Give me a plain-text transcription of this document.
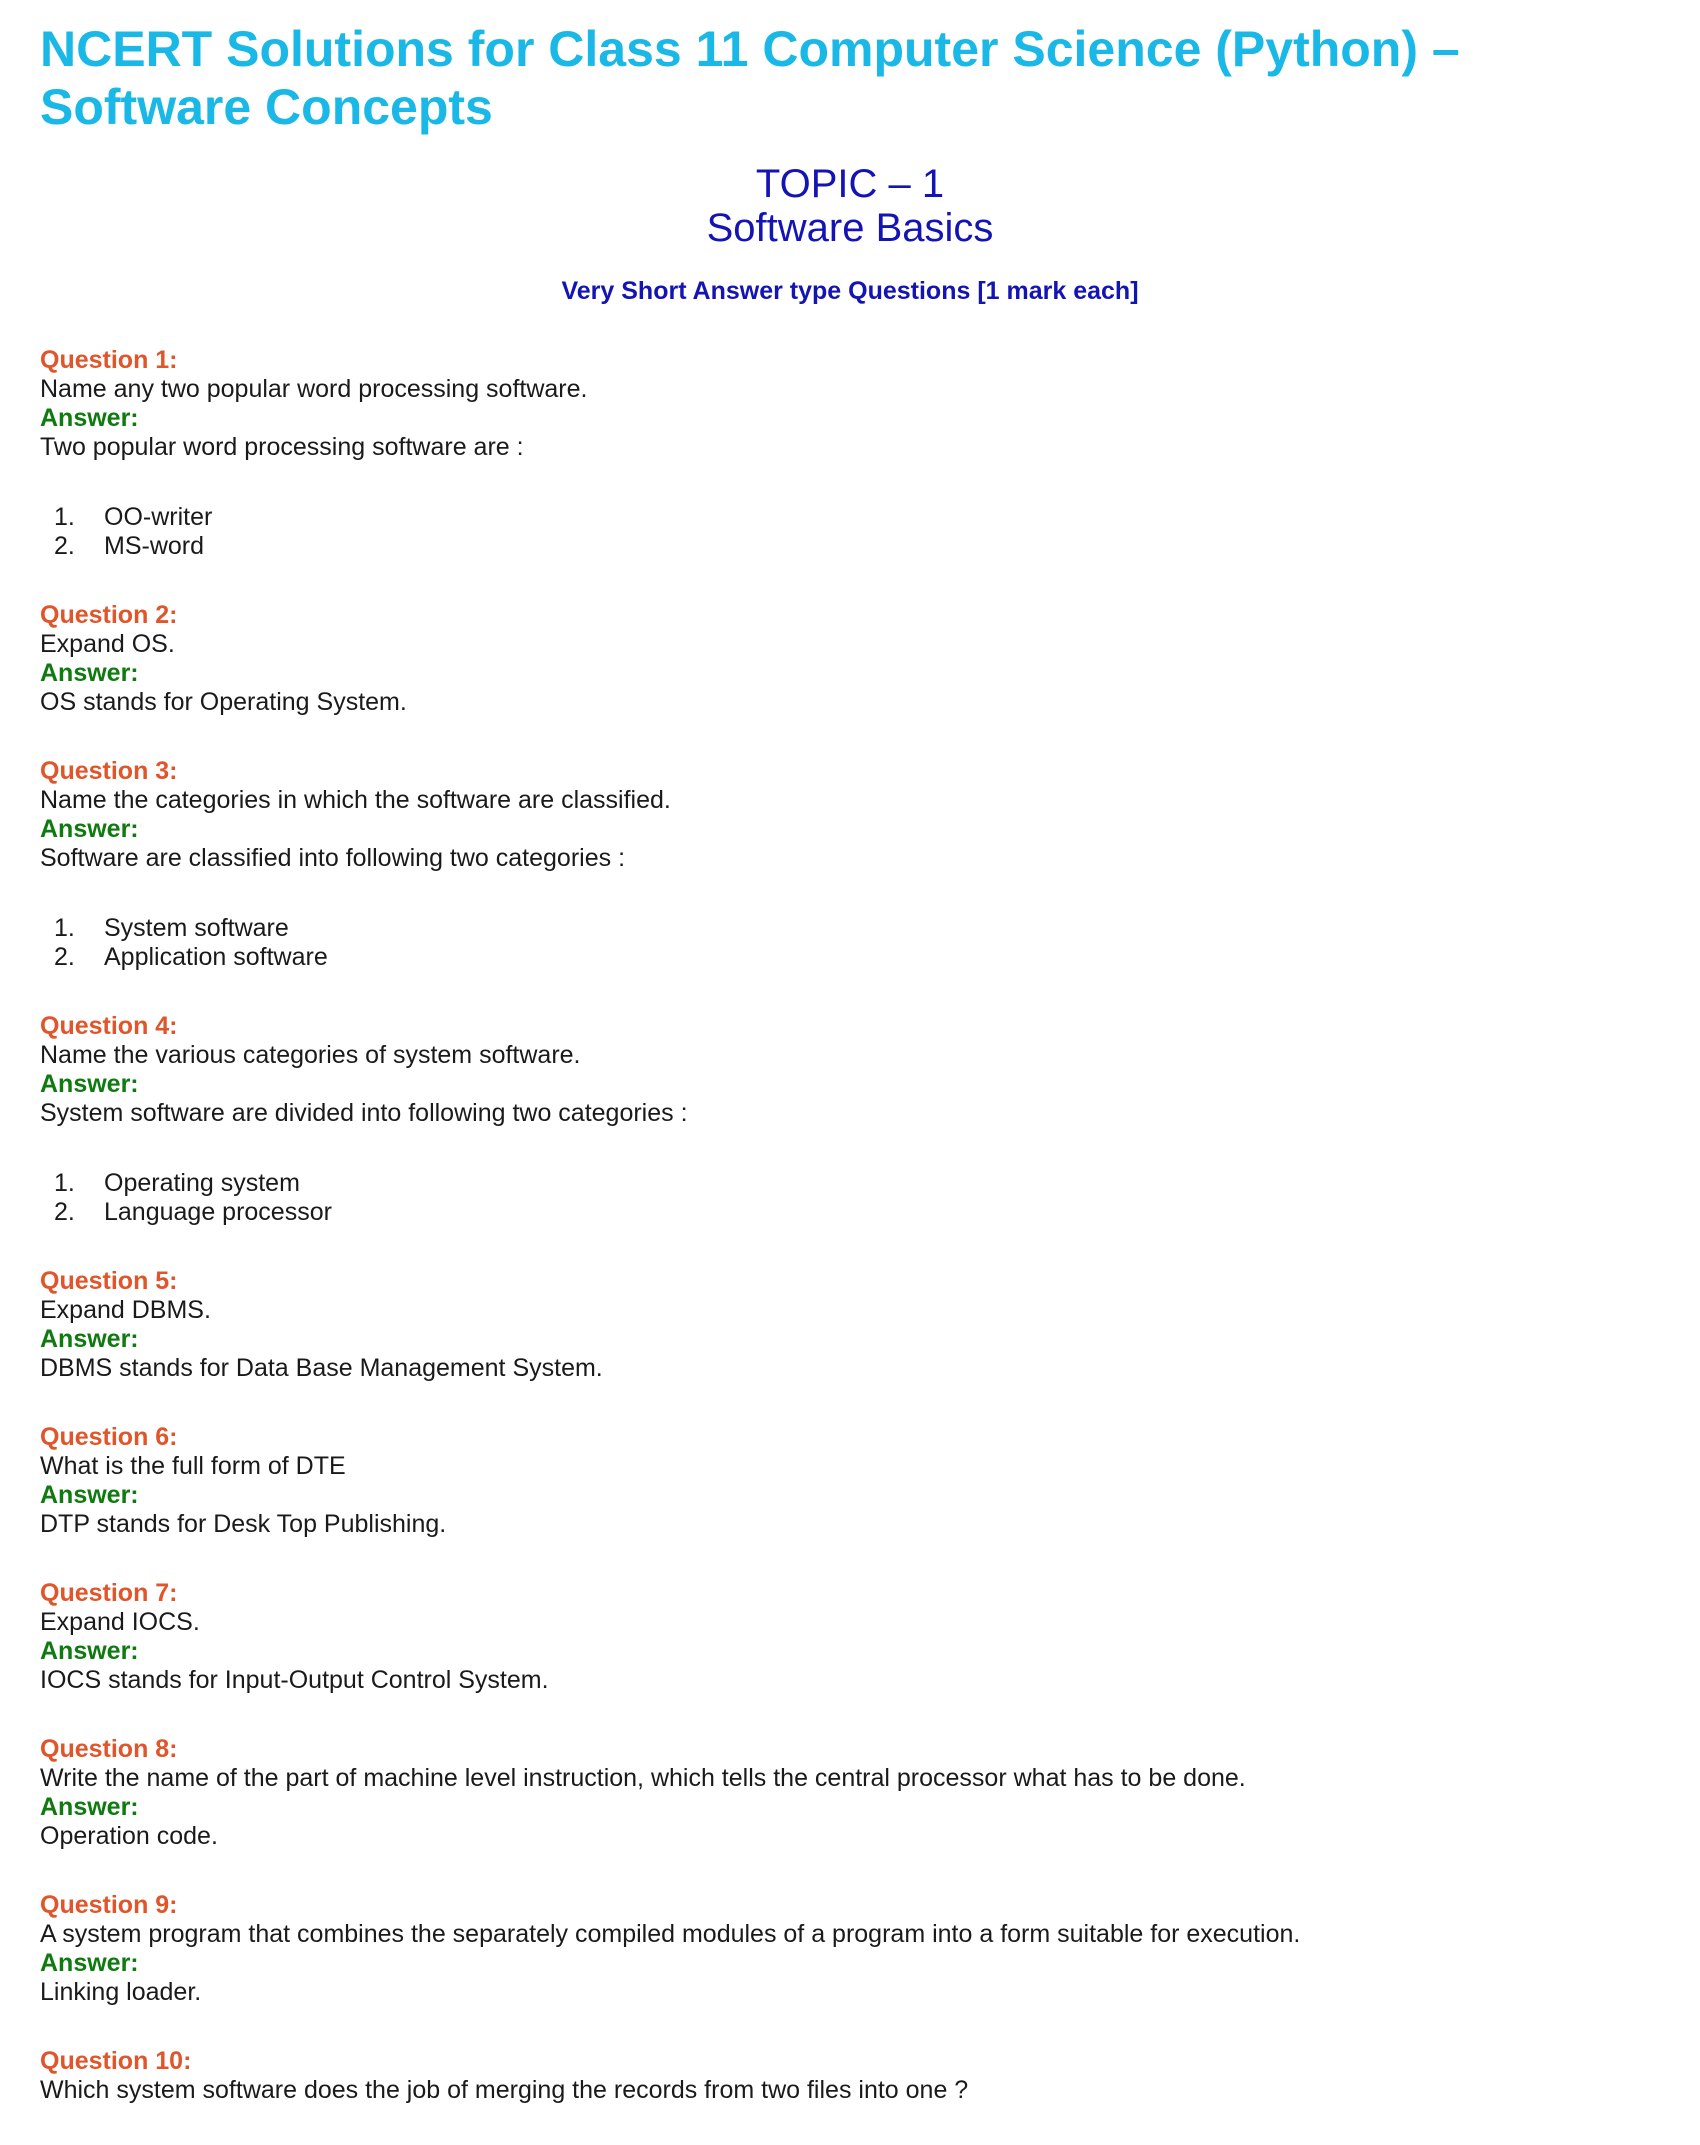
NCERT Solutions for Class 11 Computer Science (Python) – Software Concepts
TOPIC – 1
Software Basics
Very Short Answer type Questions [1 mark each]
Question 1:
Name any two popular word processing software.
Answer:
Two popular word processing software are :
1. OO-writer
2. MS-word
Question 2:
Expand OS.
Answer:
OS stands for Operating System.
Question 3:
Name the categories in which the software are classified.
Answer:
Software are classified into following two categories :
1. System software
2. Application software
Question 4:
Name the various categories of system software.
Answer:
System software are divided into following two categories :
1. Operating system
2. Language processor
Question 5:
Expand DBMS.
Answer:
DBMS stands for Data Base Management System.
Question 6:
What is the full form of DTE
Answer:
DTP stands for Desk Top Publishing.
Question 7:
Expand IOCS.
Answer:
IOCS stands for Input-Output Control System.
Question 8:
Write the name of the part of machine level instruction, which tells the central processor what has to be done.
Answer:
Operation code.
Question 9:
A system program that combines the separately compiled modules of a program into a form suitable for execution.
Answer:
Linking loader.
Question 10:
Which system software does the job of merging the records from two files into one ?
